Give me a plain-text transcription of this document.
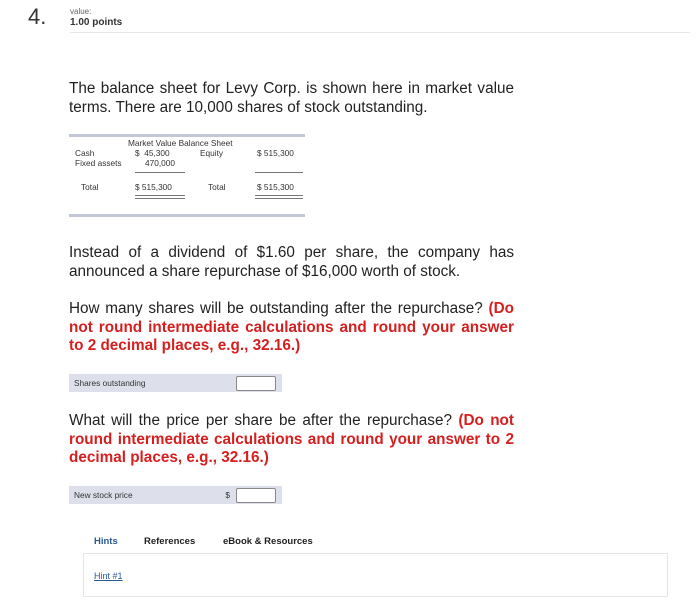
4.	value:
1.00 points
The balance sheet for Levy Corp. is shown here in market value terms. There are 10,000 shares of stock outstanding.
Market Value Balance Sheet
Cash	$  45,300	Equity	$ 515,300
Fixed assets	470,000
Total	$ 515,300	Total	$ 515,300
Instead of a dividend of $1.60 per share, the company has announced a share repurchase of $16,000 worth of stock.
How many shares will be outstanding after the repurchase? (Do not round intermediate calculations and round your answer to 2 decimal places, e.g., 32.16.)
Shares outstanding
What will the price per share be after the repurchase? (Do not round intermediate calculations and round your answer to 2 decimal places, e.g., 32.16.)
New stock price	$
Hints	References	eBook & Resources
Hint #1
